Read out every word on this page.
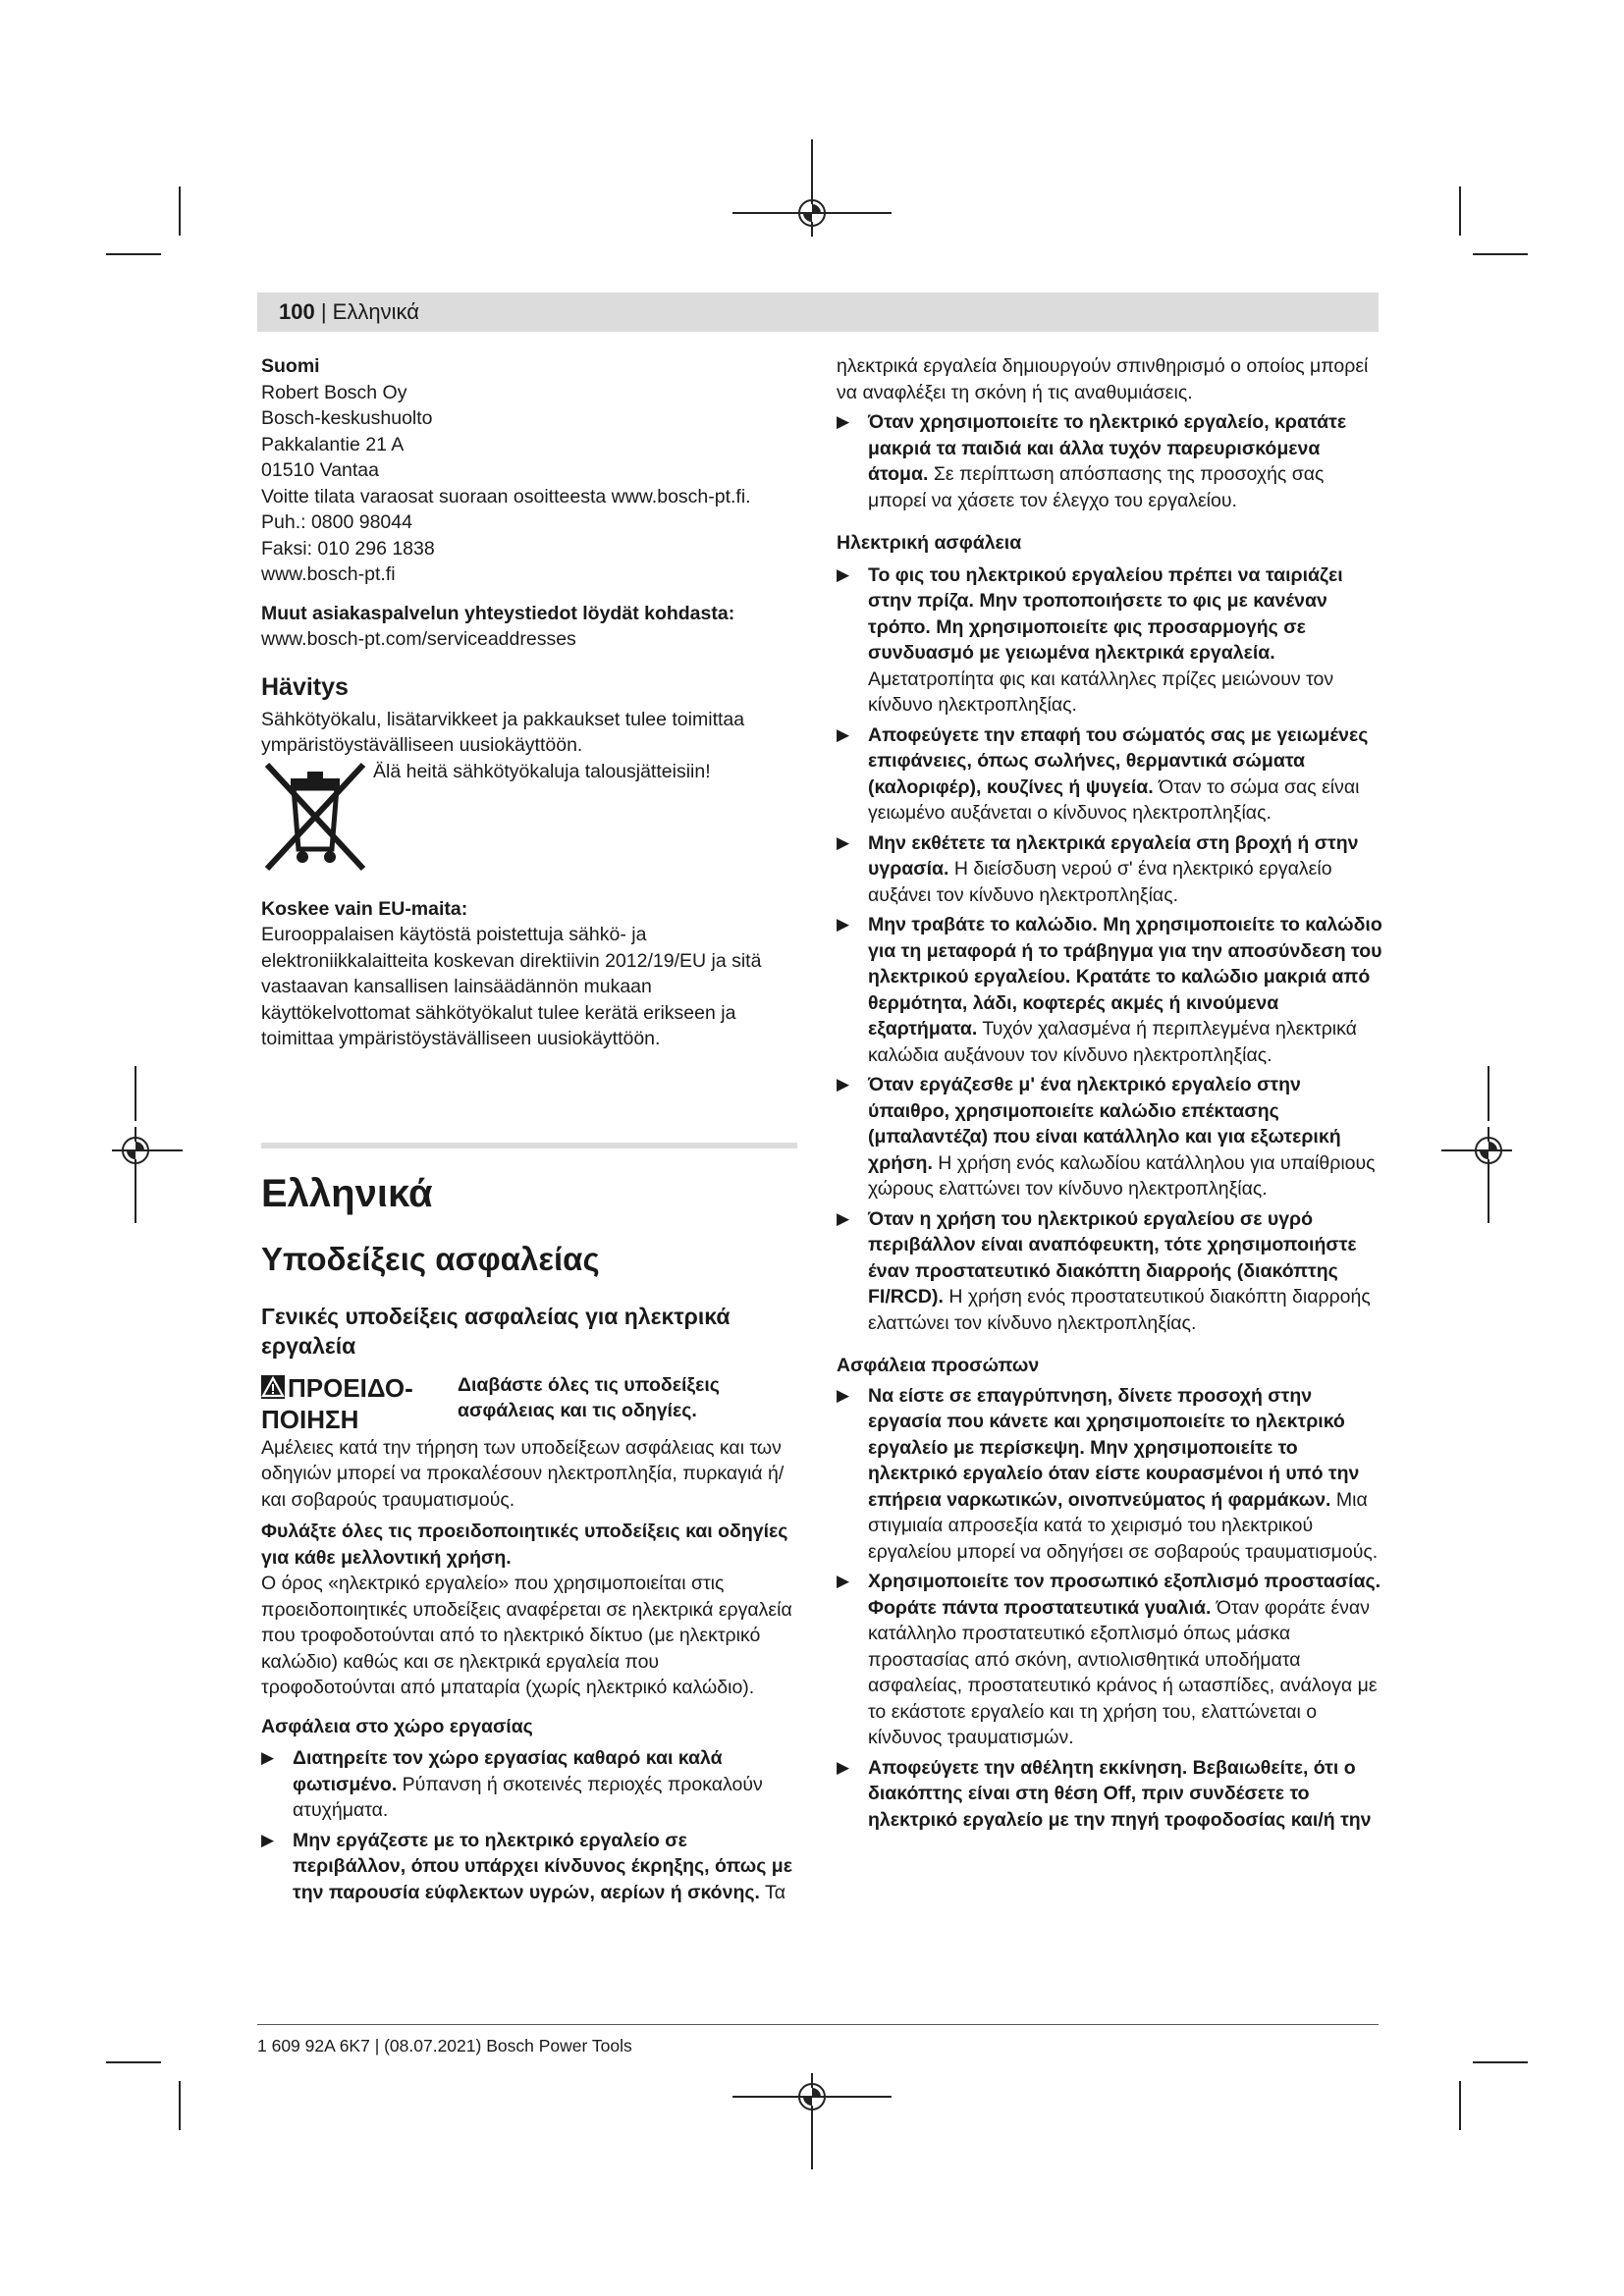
100 | Ελληνικά

Suomi

Robert Bosch Oy

Bosch-keskushuolto

Pakkalantie 21 A

01510 Vantaa

Voitte tilata varaosat suoraan osoitteesta www.bosch-pt.fi.

Puh.: 0800 98044

Faksi: 010 296 1838

www.bosch-pt.fi

Muut asiakaspalvelun yhteystiedot löydät kohdasta:

www.bosch-pt.com/serviceaddresses

Hävitys

Sähkötyökalu, lisätarvikkeet ja pakkaukset tulee toimittaa ympäristöystävälliseen uusiokäyttöön.

Älä heitä sähkötyökaluja talousjätteisiin!

Koskee vain EU-maita:

Eurooppalaisen käytöstä poistettuja sähkö- ja elektroniikkalaitteita koskevan direktiivin 2012/19/EU ja sitä vastaavan kansallisen lainsäädännön mukaan käyttökelvottomat sähkötyökalut tulee kerätä erikseen ja toimittaa ympäristöystävälliseen uusiokäyttöön.

Ελληνικά

Υποδείξεις ασφαλείας

Γενικές υποδείξεις ασφαλείας για ηλεκτρικά εργαλεία

ΠΡΟΕΙΔΟ-ΠΟΙΗΣΗ
Διαβάστε όλες τις υποδείξεις ασφάλειας και τις οδηγίες.

Αμέλειες κατά την τήρηση των υποδείξεων ασφάλειας και των οδηγιών μπορεί να προκαλέσουν ηλεκτροπληξία, πυρκαγιά ή/και σοβαρούς τραυματισμούς.

Φυλάξτε όλες τις προειδοποιητικές υποδείξεις και οδηγίες για κάθε μελλοντική χρήση.

Ο όρος «ηλεκτρικό εργαλείο» που χρησιμοποιείται στις προειδοποιητικές υποδείξεις αναφέρεται σε ηλεκτρικά εργαλεία που τροφοδοτούνται από το ηλεκτρικό δίκτυο (με ηλεκτρικό καλώδιο) καθώς και σε ηλεκτρικά εργαλεία που τροφοδοτούνται από μπαταρία (χωρίς ηλεκτρικό καλώδιο).

Ασφάλεια στο χώρο εργασίας

▶ Διατηρείτε τον χώρο εργασίας καθαρό και καλά φωτισμένο. Ρύπανση ή σκοτεινές περιοχές προκαλούν ατυχήματα.
▶ Μην εργάζεστε με το ηλεκτρικό εργαλείο σε περιβάλλον, όπου υπάρχει κίνδυνος έκρηξης, όπως με την παρουσία εύφλεκτων υγρών, αερίων ή σκόνης. Τα

ηλεκτρικά εργαλεία δημιουργούν σπινθηρισμό ο οποίος μπορεί να αναφλέξει τη σκόνη ή τις αναθυμιάσεις.

▶ Όταν χρησιμοποιείτε το ηλεκτρικό εργαλείο, κρατάτε μακριά τα παιδιά και άλλα τυχόν παρευρισκόμενα άτομα. Σε περίπτωση απόσπασης της προσοχής σας μπορεί να χάσετε τον έλεγχο του εργαλείου.

Ηλεκτρική ασφάλεια

▶ Το φις του ηλεκτρικού εργαλείου πρέπει να ταιριάζει στην πρίζα. Μην τροποποιήσετε το φις με κανέναν τρόπο. Μη χρησιμοποιείτε φις προσαρμογής σε συνδυασμό με γειωμένα ηλεκτρικά εργαλεία. Αμετατροπίητα φις και κατάλληλες πρίζες μειώνουν τον κίνδυνο ηλεκτροπληξίας.
▶ Αποφεύγετε την επαφή του σώματός σας με γειωμένες επιφάνειες, όπως σωλήνες, θερμαντικά σώματα (καλοριφέρ), κουζίνες ή ψυγεία. Όταν το σώμα σας είναι γειωμένο αυξάνεται ο κίνδυνος ηλεκτροπληξίας.
▶ Μην εκθέτετε τα ηλεκτρικά εργαλεία στη βροχή ή στην υγρασία. Η διείσδυση νερού σ' ένα ηλεκτρικό εργαλείο αυξάνει τον κίνδυνο ηλεκτροπληξίας.
▶ Μην τραβάτε το καλώδιο. Μη χρησιμοποιείτε το καλώδιο για τη μεταφορά ή το τράβηγμα για την αποσύνδεση του ηλεκτρικού εργαλείου. Κρατάτε το καλώδιο μακριά από θερμότητα, λάδι, κοφτερές ακμές ή κινούμενα εξαρτήματα. Τυχόν χαλασμένα ή περιπλεγμένα ηλεκτρικά καλώδια αυξάνουν τον κίνδυνο ηλεκτροπληξίας.
▶ Όταν εργάζεσθε μ' ένα ηλεκτρικό εργαλείο στην ύπαιθρο, χρησιμοποιείτε καλώδιο επέκτασης (μπαλαντέζα) που είναι κατάλληλο και για εξωτερική χρήση. Η χρήση ενός καλωδίου κατάλληλου για υπαίθριους χώρους ελαττώνει τον κίνδυνο ηλεκτροπληξίας.
▶ Όταν η χρήση του ηλεκτρικού εργαλείου σε υγρό περιβάλλον είναι αναπόφευκτη, τότε χρησιμοποιήστε έναν προστατευτικό διακόπτη διαρροής (διακόπτης FI/RCD). Η χρήση ενός προστατευτικού διακόπτη διαρροής ελαττώνει τον κίνδυνο ηλεκτροπληξίας.

Ασφάλεια προσώπων

▶ Να είστε σε επαγρύπνηση, δίνετε προσοχή στην εργασία που κάνετε και χρησιμοποιείτε το ηλεκτρικό εργαλείο με περίσκεψη. Μην χρησιμοποιείτε το ηλεκτρικό εργαλείο όταν είστε κουρασμένοι ή υπό την επήρεια ναρκωτικών, οινοπνεύματος ή φαρμάκων. Μια στιγμιαία απροσεξία κατά το χειρισμό του ηλεκτρικού εργαλείου μπορεί να οδηγήσει σε σοβαρούς τραυματισμούς.
▶ Χρησιμοποιείτε τον προσωπικό εξοπλισμό προστασίας. Φοράτε πάντα προστατευτικά γυαλιά. Όταν φοράτε έναν κατάλληλο προστατευτικό εξοπλισμό όπως μάσκα προστασίας από σκόνη, αντιολισθητικά υποδήματα ασφαλείας, προστατευτικό κράνος ή ωτασπίδες, ανάλογα με το εκάστοτε εργαλείο και τη χρήση του, ελαττώνεται ο κίνδυνος τραυματισμών.
▶ Αποφεύγετε την αθέλητη εκκίνηση. Βεβαιωθείτε, ότι ο διακόπτης είναι στη θέση Off, πριν συνδέσετε το ηλεκτρικό εργαλείο με την πηγή τροφοδοσίας και/ή την
1 609 92A 6K7 | (08.07.2021) Bosch Power Tools
